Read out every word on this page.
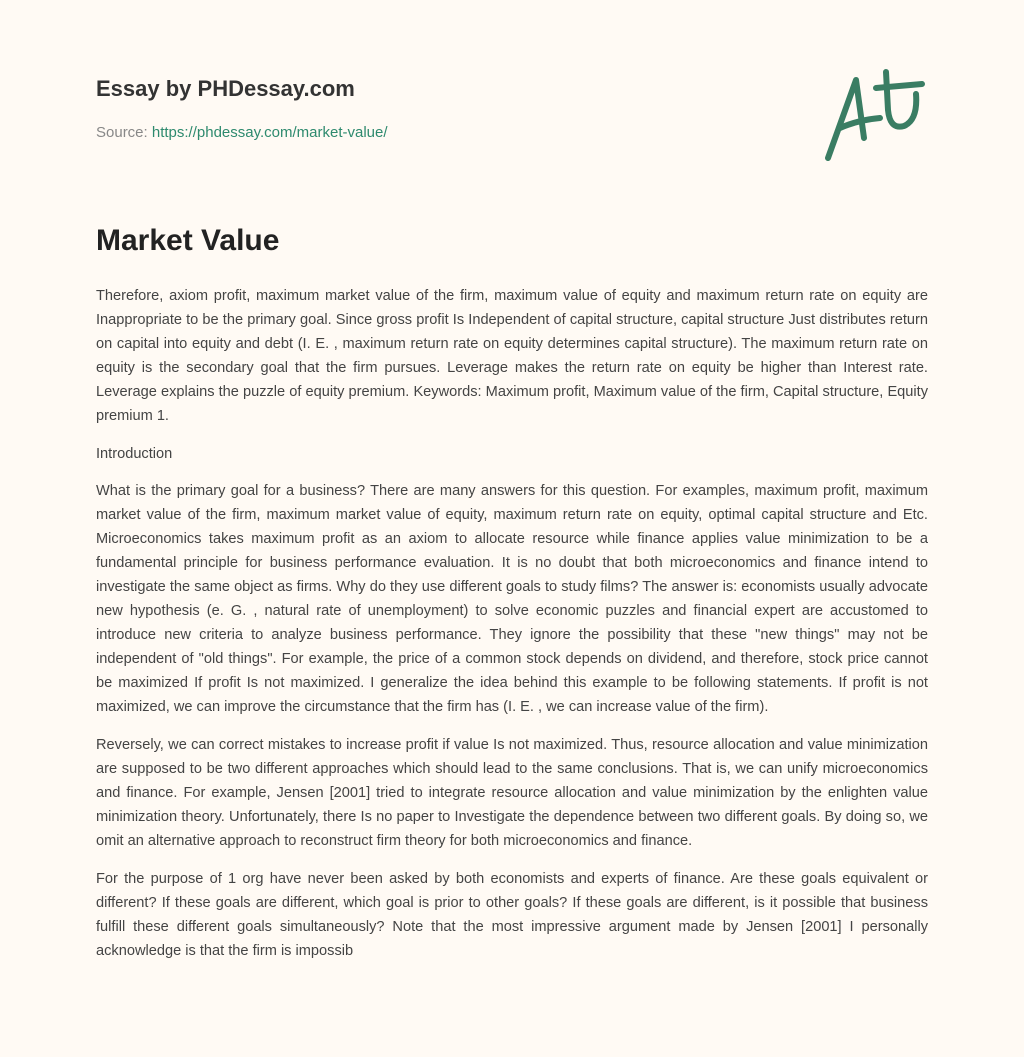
Essay by PHDessay.com
Source: https://phdessay.com/market-value/
Market Value

Therefore, axiom profit, maximum market value of the firm, maximum value of equity and maximum return rate on equity are Inappropriate to be the primary goal. Since gross profit Is Independent of capital structure, capital structure Just distributes return on capital into equity and debt (I. E. , maximum return rate on equity determines capital structure). The maximum return rate on equity is the secondary goal that the firm pursues. Leverage makes the return rate on equity be higher than Interest rate. Leverage explains the puzzle of equity premium. Keywords: Maximum profit, Maximum value of the firm, Capital structure, Equity premium 1.

Introduction

What is the primary goal for a business? There are many answers for this question. For examples, maximum profit, maximum market value of the firm, maximum market value of equity, maximum return rate on equity, optimal capital structure and Etc. Microeconomics takes maximum profit as an axiom to allocate resource while finance applies value minimization to be a fundamental principle for business performance evaluation. It is no doubt that both microeconomics and finance intend to investigate the same object as firms. Why do they use different goals to study films? The answer is: economists usually advocate new hypothesis (e. G. , natural rate of unemployment) to solve economic puzzles and financial expert are accustomed to introduce new criteria to analyze business performance. They ignore the possibility that these "new things" may not be independent of "old things". For example, the price of a common stock depends on dividend, and therefore, stock price cannot be maximized If profit Is not maximized. I generalize the idea behind this example to be following statements. If profit is not maximized, we can improve the circumstance that the firm has (I. E. , we can increase value of the firm).

Reversely, we can correct mistakes to increase profit if value Is not maximized. Thus, resource allocation and value minimization are supposed to be two different approaches which should lead to the same conclusions. That is, we can unify microeconomics and finance. For example, Jensen [2001] tried to integrate resource allocation and value minimization by the enlighten value minimization theory. Unfortunately, there Is no paper to Investigate the dependence between two different goals. By doing so, we omit an alternative approach to reconstruct firm theory for both microeconomics and finance.

For the purpose of 1 org have never been asked by both economists and experts of finance. Are these goals equivalent or different? If these goals are different, which goal is prior to other goals? If these goals are different, is it possible that business fulfill these different goals simultaneously? Note that the most impressive argument made by Jensen [2001] I personally acknowledge is that the firm is impossib
